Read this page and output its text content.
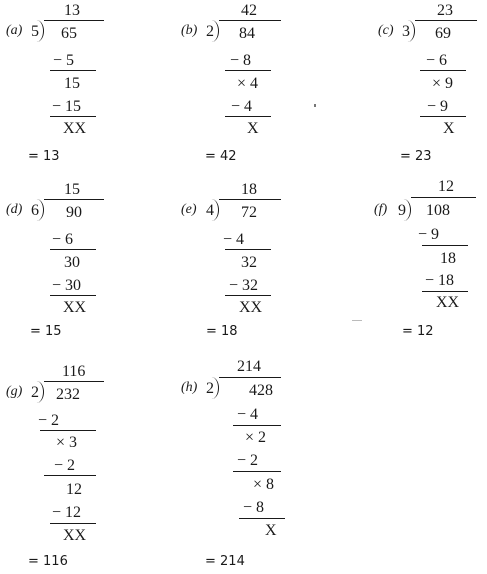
(a) 5
13
65
− 5
15
− 15
XX
= 13
(b) 2
42
84
− 8
× 4
− 4
X
= 42
(c) 3
23
69
− 6
× 9
− 9
X
= 23
(d) 6
15
90
− 6
30
− 30
XX
= 15
(e) 4
18
72
− 4
32
− 32
XX
= 18
(f) 9
12
108
− 9
18
− 18
XX
= 12
(g) 2
116
232
− 2
× 3
− 2
12
− 12
XX
= 116
(h) 2
214
428
− 4
× 2
− 2
× 8
− 8
X
= 214
